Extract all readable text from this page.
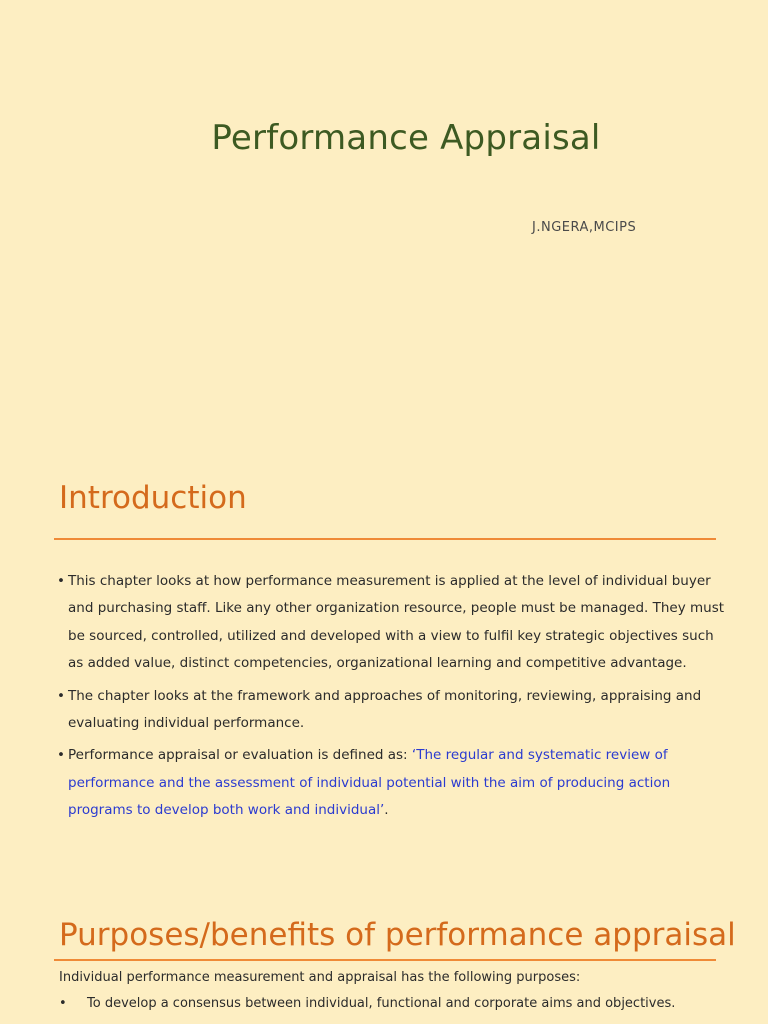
Performance Appraisal
J.NGERA,MCIPS
Introduction
• This chapter looks at how performance measurement is applied at the level of individual buyer and purchasing staff. Like any other organization resource, people must be managed. They must be sourced, controlled, utilized and developed with a view to fulfil key strategic objectives such as added value, distinct competencies, organizational learning and competitive advantage.
• The chapter looks at the framework and approaches of monitoring, reviewing, appraising and evaluating individual performance.
• Performance appraisal or evaluation is defined as: ‘The regular and systematic review of performance and the assessment of individual potential with the aim of producing action programs to develop both work and individual’.
Purposes/benefits of performance appraisal
Individual performance measurement and appraisal has the following purposes:
• To develop a consensus between individual, functional and corporate aims and objectives.
